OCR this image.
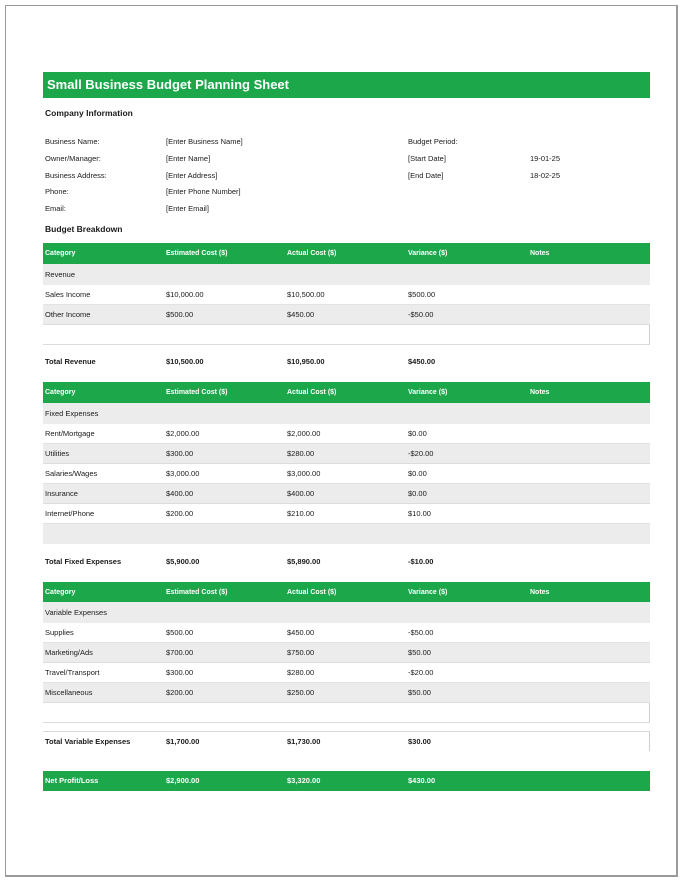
Small Business Budget Planning Sheet
Company Information
Business Name:	[Enter Business Name]
Owner/Manager:	[Enter Name]
Business Address:	[Enter Address]
Phone:	[Enter Phone Number]
Email:	[Enter Email]
Budget Period:
[Start Date]	19-01-25
[End Date]	18-02-25
Budget Breakdown
Category	Estimated Cost ($)	Actual Cost ($)	Variance ($)	Notes
Revenue
Sales Income	$10,000.00	$10,500.00	$500.00
Other Income	$500.00	$450.00	-$50.00
Total Revenue	$10,500.00	$10,950.00	$450.00
Category	Estimated Cost ($)	Actual Cost ($)	Variance ($)	Notes
Fixed Expenses
Rent/Mortgage	$2,000.00	$2,000.00	$0.00
Utilities	$300.00	$280.00	-$20.00
Salaries/Wages	$3,000.00	$3,000.00	$0.00
Insurance	$400.00	$400.00	$0.00
Internet/Phone	$200.00	$210.00	$10.00
Total Fixed Expenses	$5,900.00	$5,890.00	-$10.00
Category	Estimated Cost ($)	Actual Cost ($)	Variance ($)	Notes
Variable Expenses
Supplies	$500.00	$450.00	-$50.00
Marketing/Ads	$700.00	$750.00	$50.00
Travel/Transport	$300.00	$280.00	-$20.00
Miscellaneous	$200.00	$250.00	$50.00
Total Variable Expenses	$1,700.00	$1,730.00	$30.00
Net Profit/Loss	$2,900.00	$3,320.00	$430.00
